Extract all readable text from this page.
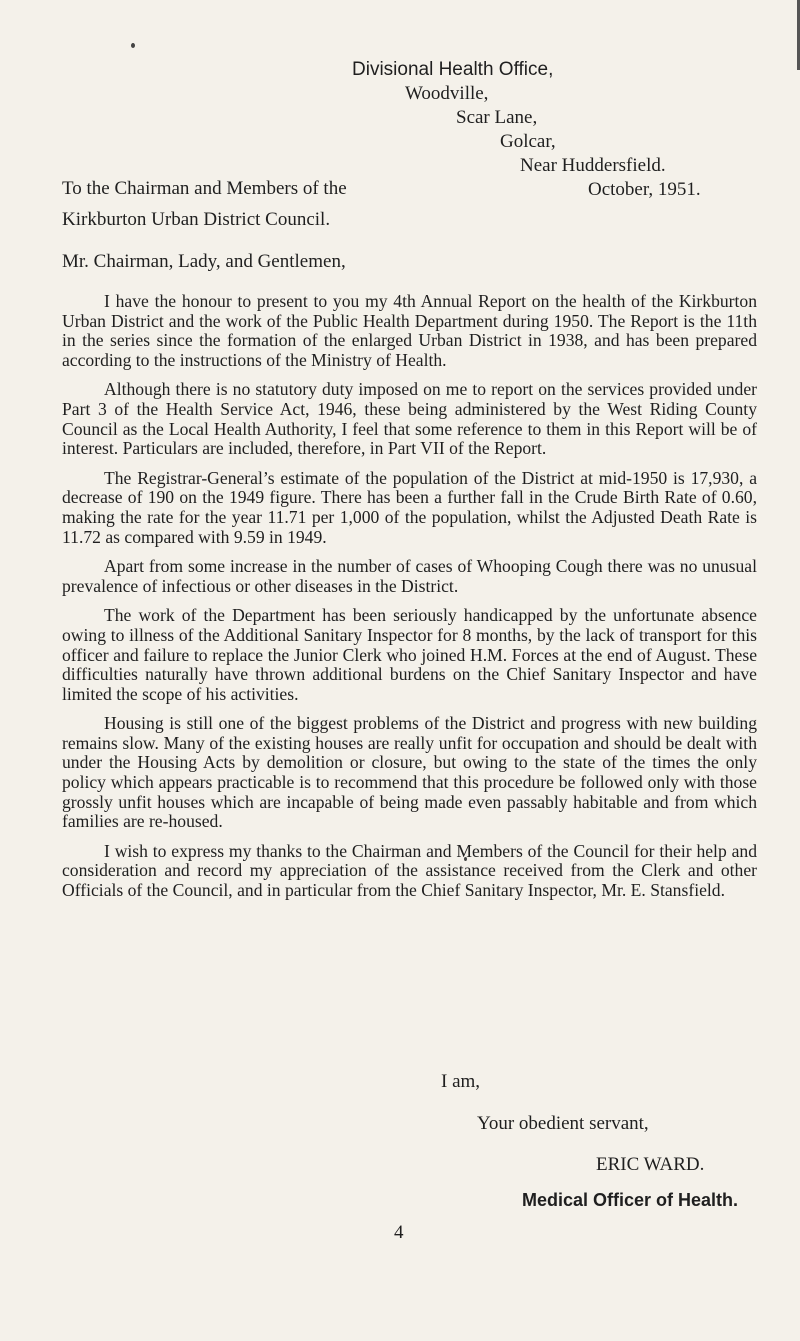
Divisional Health Office,
Woodville,
Scar Lane,
Golcar,
Near Huddersfield.
October, 1951.
To the Chairman and Members of the
Kirkburton Urban District Council.
Mr. Chairman, Lady, and Gentlemen,

I have the honour to present to you my 4th Annual Report on the health of the Kirkburton Urban District and the work of the Public Health Department during 1950. The Report is the 11th in the series since the formation of the enlarged Urban District in 1938, and has been prepared according to the instructions of the Ministry of Health.

Although there is no statutory duty imposed on me to report on the services provided under Part 3 of the Health Service Act, 1946, these being administered by the West Riding County Council as the Local Health Authority, I feel that some reference to them in this Report will be of interest. Particulars are included, therefore, in Part VII of the Report.

The Registrar-General’s estimate of the population of the District at mid-1950 is 17,930, a decrease of 190 on the 1949 figure. There has been a further fall in the Crude Birth Rate of 0.60, making the rate for the year 11.71 per 1,000 of the population, whilst the Adjusted Death Rate is 11.72 as compared with 9.59 in 1949.

Apart from some increase in the number of cases of Whooping Cough there was no unusual prevalence of infectious or other diseases in the District.

The work of the Department has been seriously handicapped by the unfortunate absence owing to illness of the Additional Sanitary Inspector for 8 months, by the lack of transport for this officer and failure to replace the Junior Clerk who joined H.M. Forces at the end of August. These difficulties naturally have thrown additional burdens on the Chief Sanitary Inspector and have limited the scope of his activities.

Housing is still one of the biggest problems of the District and progress with new building remains slow. Many of the existing houses are really unfit for occupation and should be dealt with under the Housing Acts by demolition or closure, but owing to the state of the times the only policy which appears practicable is to recommend that this procedure be followed only with those grossly unfit houses which are incapable of being made even passably habitable and from which families are re-housed.

I wish to express my thanks to the Chairman and Members of the Council for their help and consideration and record my appreciation of the assistance received from the Clerk and other Officials of the Council, and in particular from the Chief Sanitary Inspector, Mr. E. Stansfield.

I am,
Your obedient servant,
ERIC WARD.
Medical Officer of Health.
4
